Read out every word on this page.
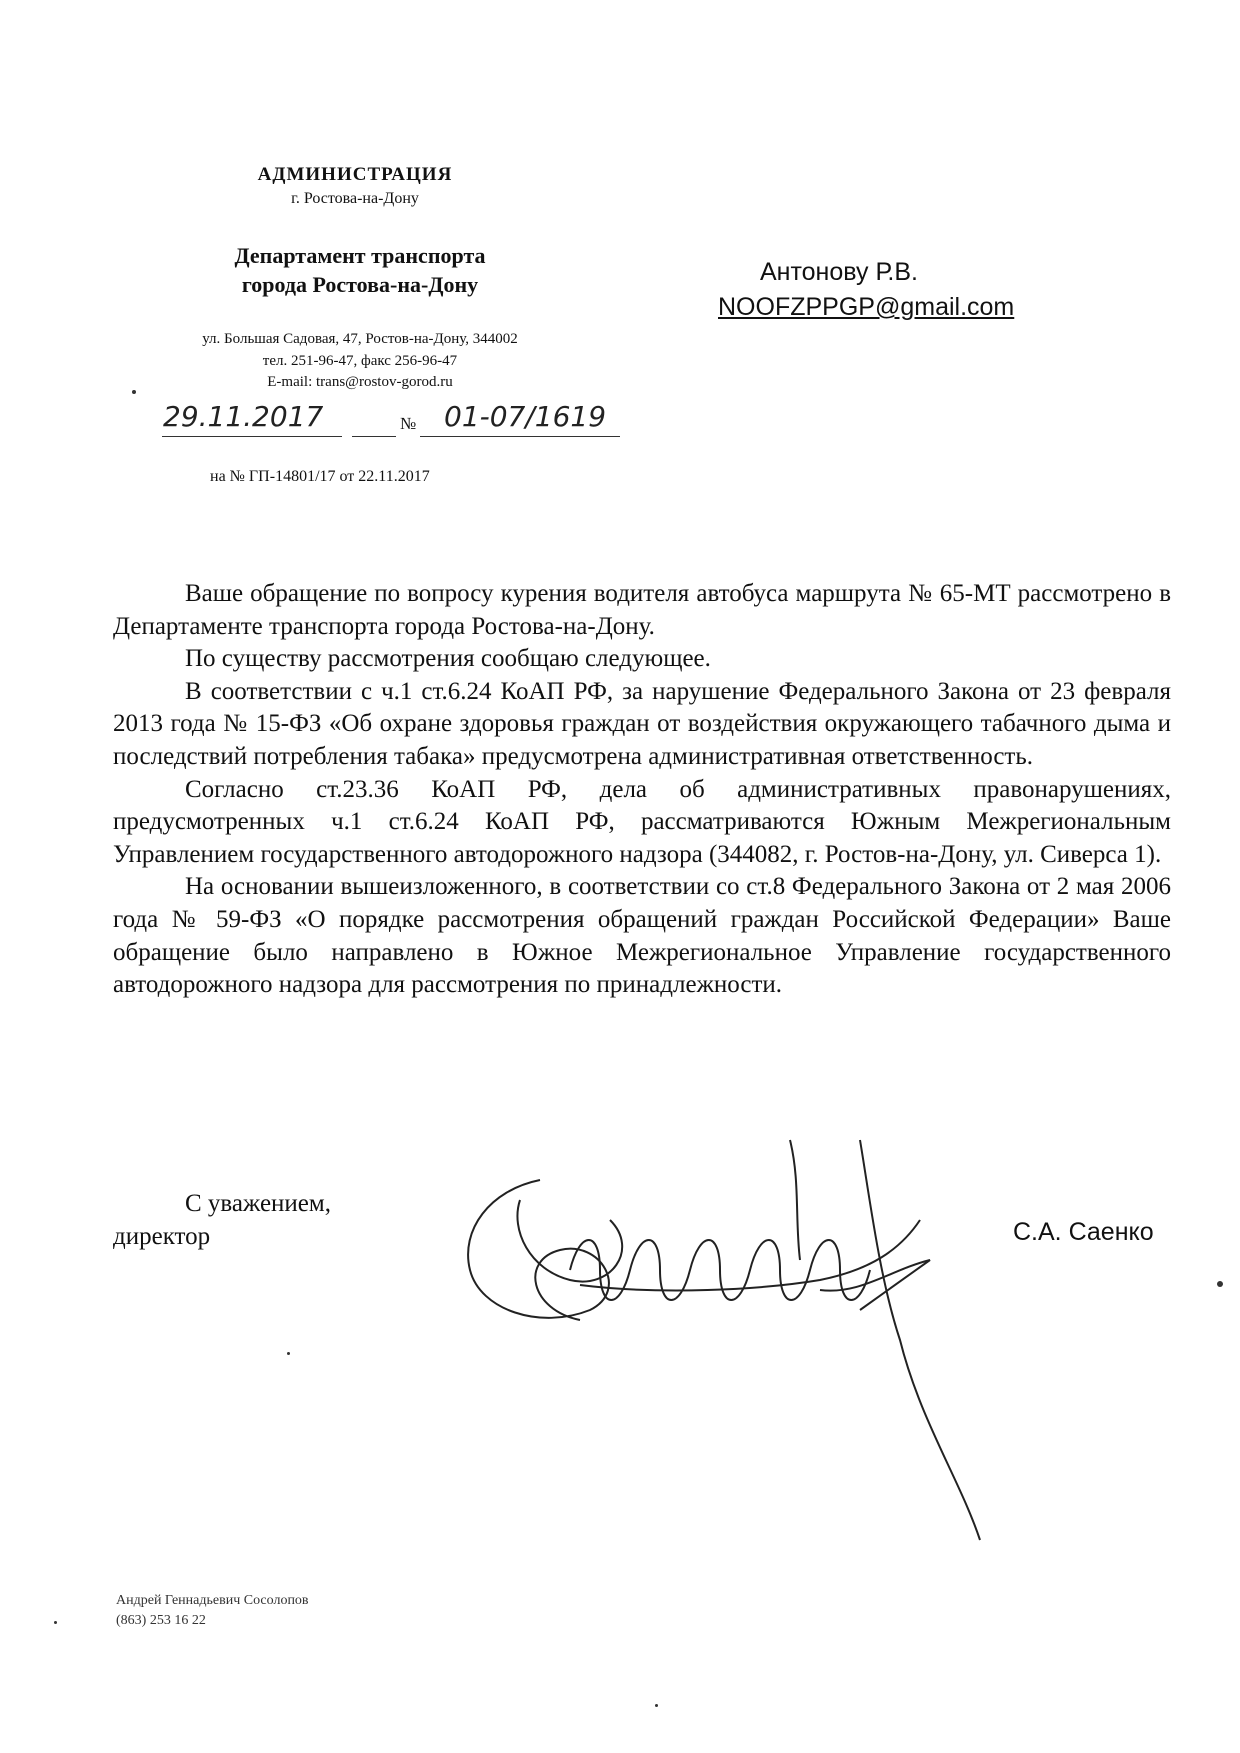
АДМИНИСТРАЦИЯ
г. Ростова-на-Дону
Департамент транспорта
города Ростова-на-Дону
ул. Большая Садовая, 47, Ростов-на-Дону, 344002
тел. 251-96-47, факс 256-96-47
E-mail: trans@rostov-gorod.ru
29.11.2017	№ 01-07/1619
на № ГП-14801/17 от 22.11.2017
Антонову Р.В.
NOOFZPPGP@gmail.com

Ваше обращение по вопросу курения водителя автобуса маршрута № 65-МТ рассмотрено в Департаменте транспорта города Ростова-на-Дону.

По существу рассмотрения сообщаю следующее.

В соответствии с ч.1 ст.6.24 КоАП РФ, за нарушение Федерального Закона от 23 февраля 2013 года № 15-ФЗ «Об охране здоровья граждан от воздействия окружающего табачного дыма и последствий потребления табака» предусмотрена административная ответственность.

Согласно ст.23.36 КоАП РФ, дела об административных правонарушениях, предусмотренных ч.1 ст.6.24 КоАП РФ, рассматриваются Южным Межрегиональным Управлением государственного автодорожного надзора (344082, г. Ростов-на-Дону, ул. Сиверса 1).

На основании вышеизложенного, в соответствии со ст.8 Федерального Закона от 2 мая 2006 года № 59-ФЗ «О порядке рассмотрения обращений граждан Российской Федерации» Ваше обращение было направлено в Южное Межрегиональное Управление государственного автодорожного надзора для рассмотрения по принадлежности.

С уважением,
директор	С.А. Саенко
Андрей Геннадьевич Сосолопов
(863) 253 16 22
